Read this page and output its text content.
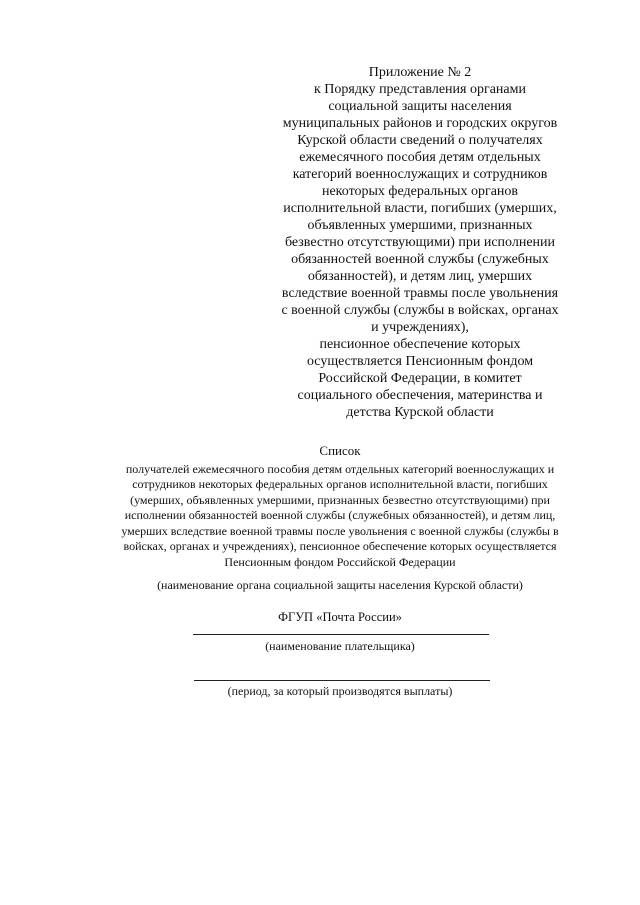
Приложение № 2
к Порядку представления органами
социальной защиты населения
муниципальных районов и городских округов
Курской области сведений о получателях
ежемесячного пособия детям отдельных
категорий военнослужащих и сотрудников
некоторых федеральных органов
исполнительной власти, погибших (умерших,
объявленных умершими, признанных
безвестно отсутствующими) при исполнении
обязанностей военной службы (служебных
обязанностей), и детям лиц, умерших
вследствие военной травмы после увольнения
с военной службы (службы в войсках, органах
и учреждениях),
пенсионное обеспечение которых
осуществляется Пенсионным фондом
Российской Федерации, в комитет
социального обеспечения, материнства и
детства Курской области
Список
получателей ежемесячного пособия детям отдельных категорий военнослужащих и
сотрудников некоторых федеральных органов исполнительной власти, погибших
(умерших, объявленных умершими, признанных безвестно отсутствующими) при
исполнении обязанностей военной службы (служебных обязанностей), и детям лиц,
умерших вследствие военной травмы после увольнения с военной службы (службы в
войсках, органах и учреждениях), пенсионное обеспечение которых осуществляется
Пенсионным фондом Российской Федерации
(наименование органа социальной защиты населения Курской области)
ФГУП «Почта России»
(наименование плательщика)
(период, за который производятся выплаты)
